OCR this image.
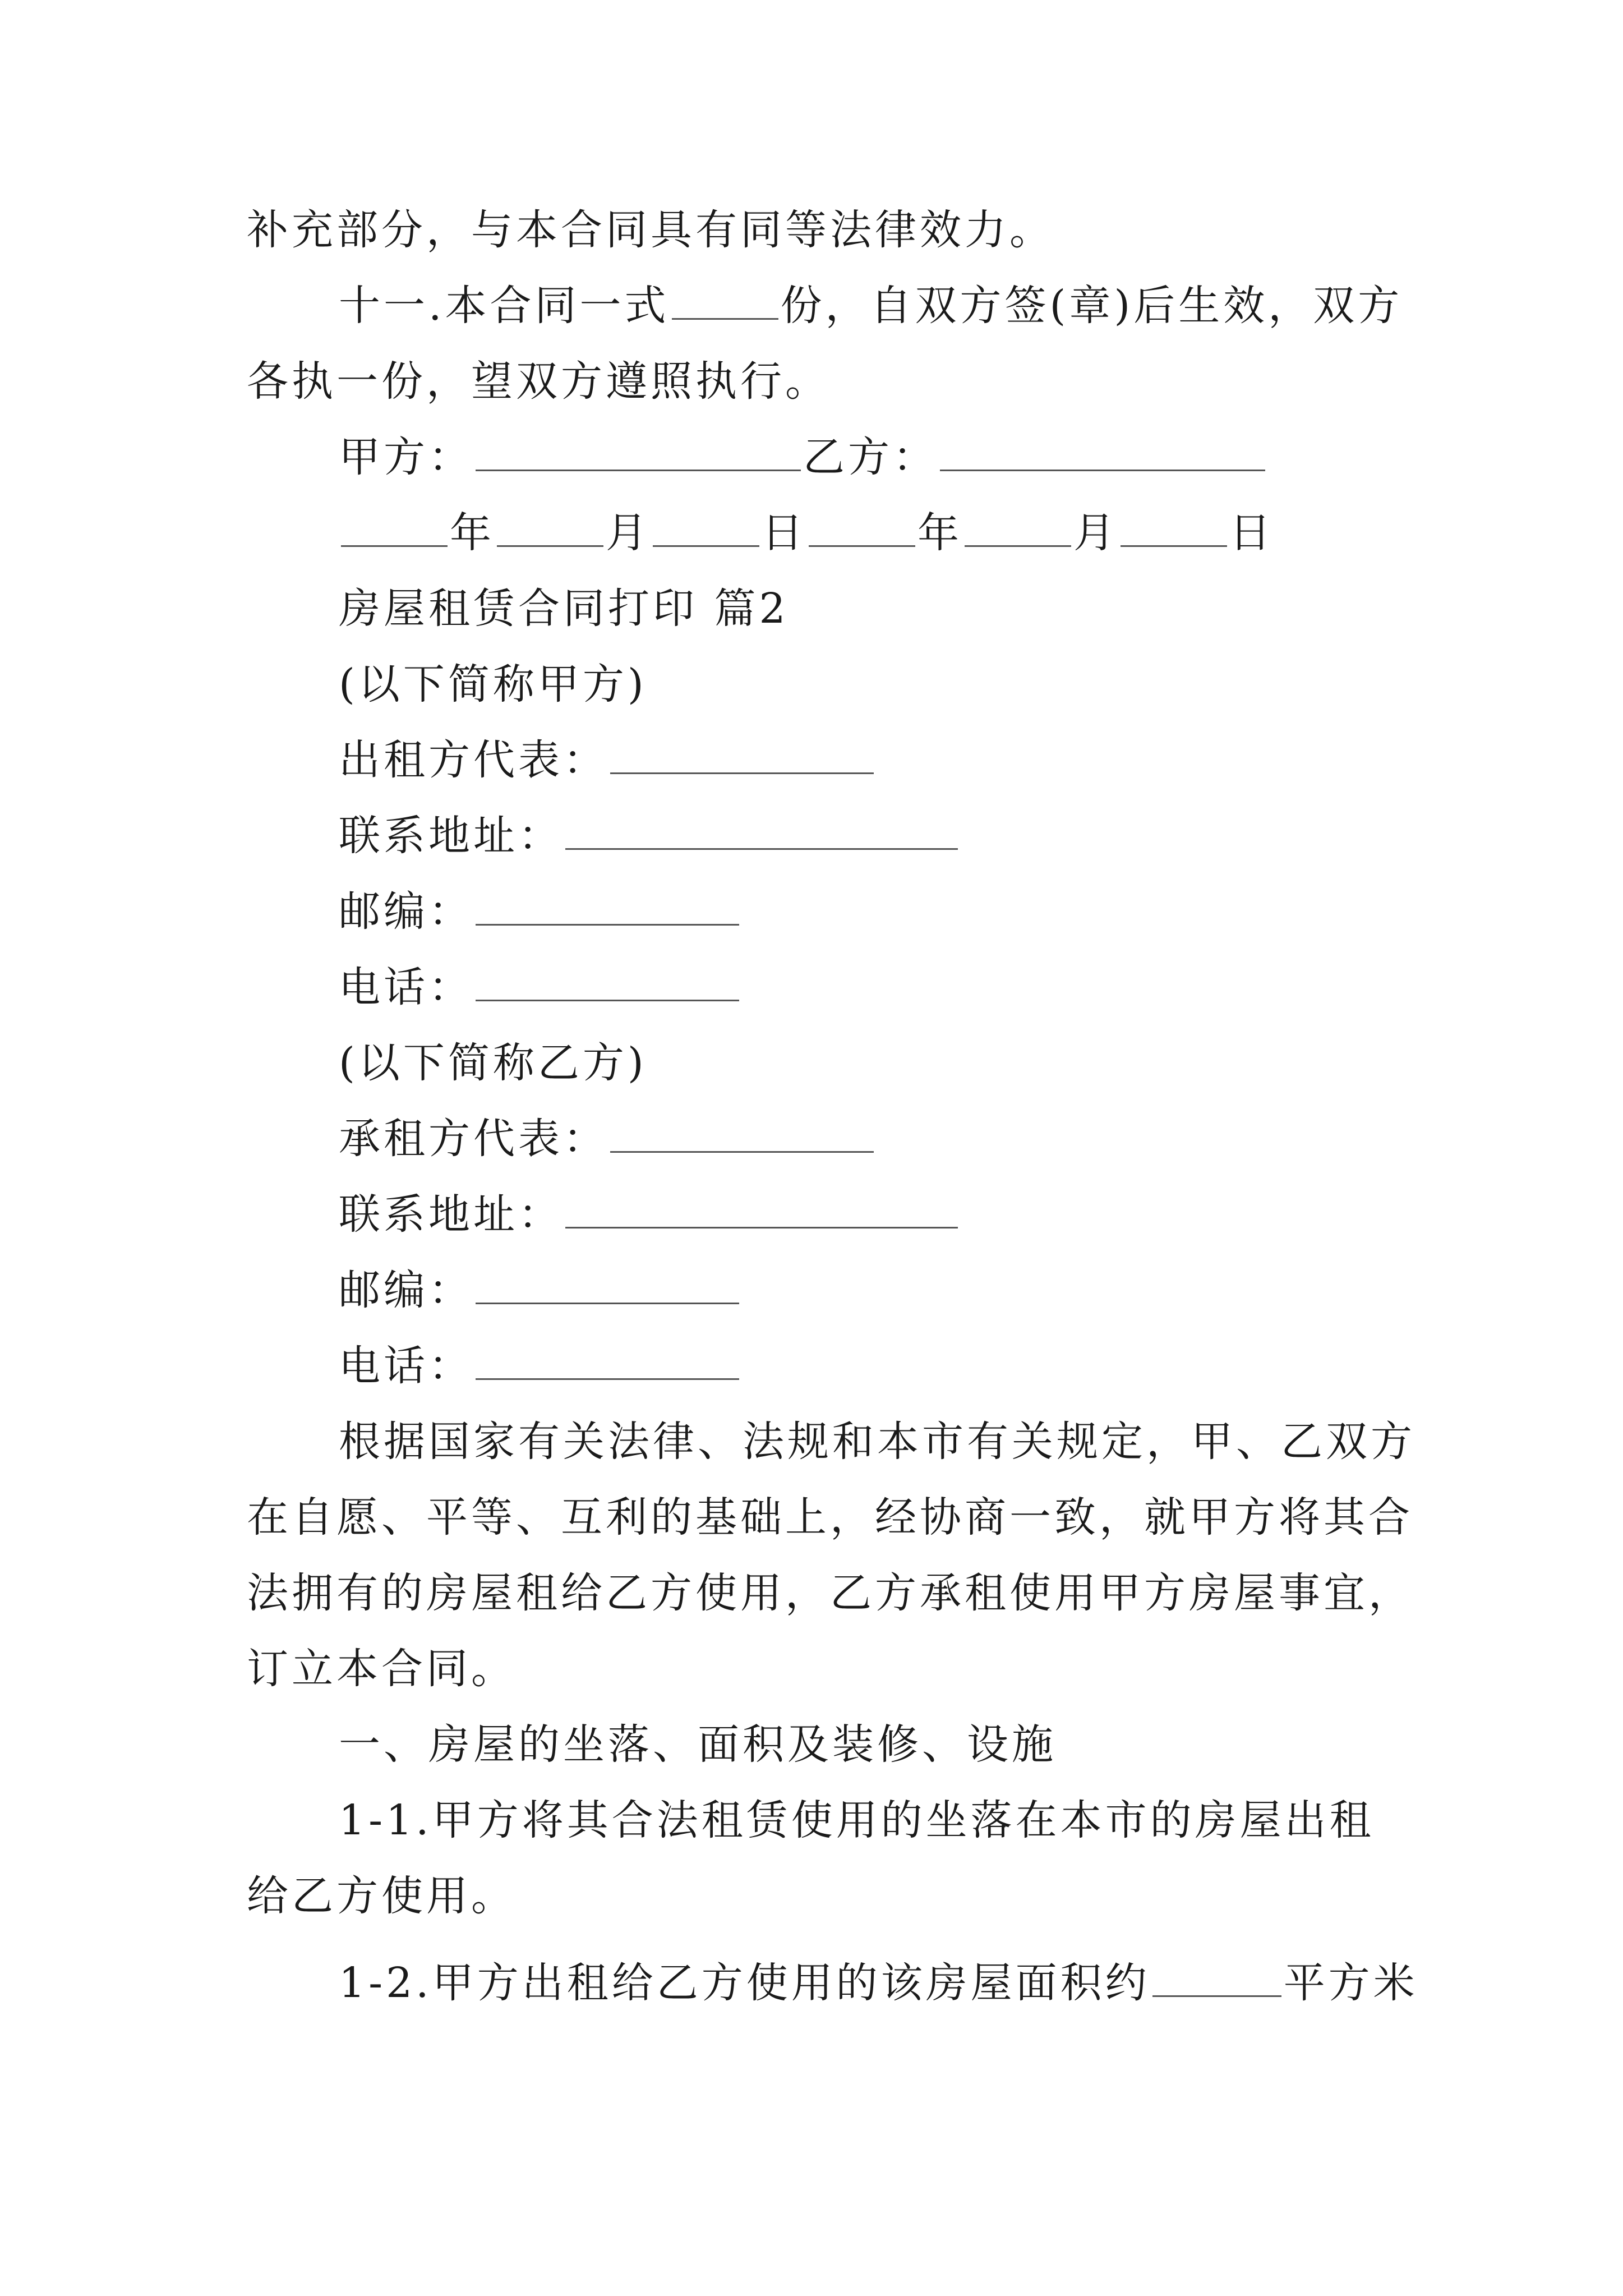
补充部分，与本合同具有同等法律效力。
十一.本合同一式	份，自双方签(章)后生效，双方
各执一份，望双方遵照执行。
甲方：	乙方：
年	月	日	年	月	日
房屋租赁合同打印 篇2
(以下简称甲方)
出租方代表：
联系地址：
邮编：
电话：
(以下简称乙方)
承租方代表：
联系地址：
邮编：
电话：
根据国家有关法律、法规和本市有关规定，甲、乙双方
在自愿、平等、互利的基础上，经协商一致，就甲方将其合
法拥有的房屋租给乙方使用，乙方承租使用甲方房屋事宜，
订立本合同。
一、房屋的坐落、面积及装修、设施
1-1.甲方将其合法租赁使用的坐落在本市的房屋出租
给乙方使用。
1-2.甲方出租给乙方使用的该房屋面积约	平方米
